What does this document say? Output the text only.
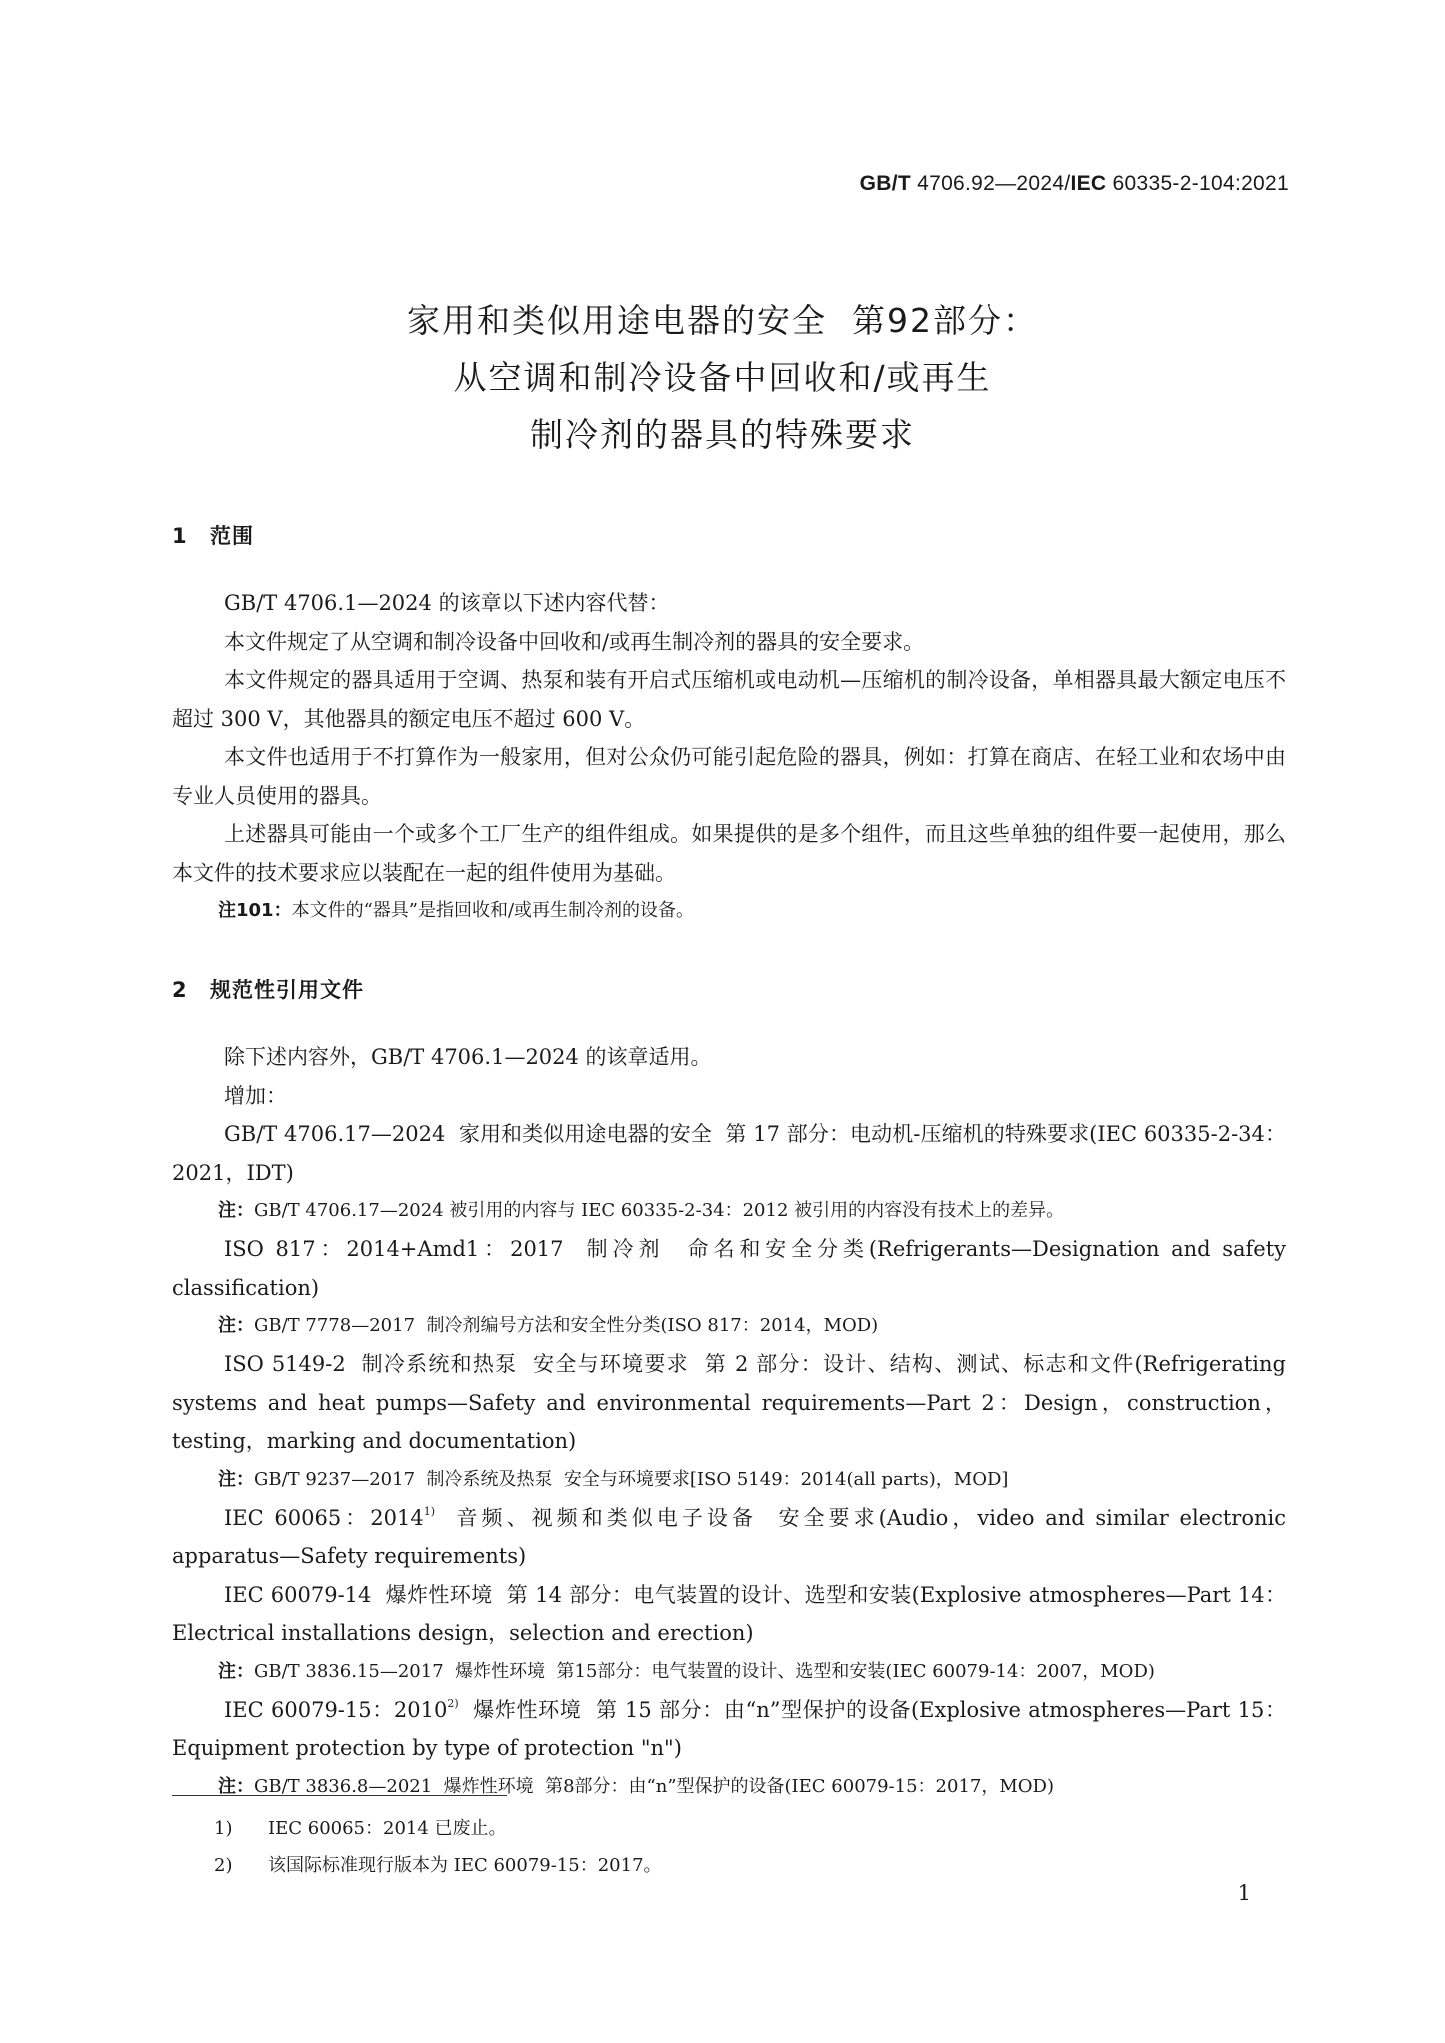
GB/T 4706.92—2024/IEC 60335-2-104:2021
家用和类似用途电器的安全  第92部分：
从空调和制冷设备中回收和/或再生
制冷剂的器具的特殊要求
1 范围

GB/T 4706.1—2024 的该章以下述内容代替：

本文件规定了从空调和制冷设备中回收和/或再生制冷剂的器具的安全要求。

本文件规定的器具适用于空调、热泵和装有开启式压缩机或电动机—压缩机的制冷设备，单相器具最大额定电压不超过 300 V，其他器具的额定电压不超过 600 V。

本文件也适用于不打算作为一般家用，但对公众仍可能引起危险的器具，例如：打算在商店、在轻工业和农场中由专业人员使用的器具。

上述器具可能由一个或多个工厂生产的组件组成。如果提供的是多个组件，而且这些单独的组件要一起使用，那么本文件的技术要求应以装配在一起的组件使用为基础。

注101：本文件的“器具”是指回收和/或再生制冷剂的设备。
2 规范性引用文件

除下述内容外，GB/T 4706.1—2024 的该章适用。

增加：

GB/T 4706.17—2024  家用和类似用途电器的安全  第 17 部分：电动机-压缩机的特殊要求(IEC 60335-2-34：2021，IDT)

注：GB/T 4706.17—2024 被引用的内容与 IEC 60335-2-34：2012 被引用的内容没有技术上的差异。

ISO 817：2014+Amd1：2017  制冷剂  命名和安全分类(Refrigerants—Designation and safety classification)

注：GB/T 7778—2017  制冷剂编号方法和安全性分类(ISO 817：2014，MOD)

ISO 5149-2  制冷系统和热泵  安全与环境要求  第 2 部分：设计、结构、测试、标志和文件(Refrigerating systems and heat pumps—Safety and environmental requirements—Part 2：Design，construction，testing，marking and documentation)

注：GB/T 9237—2017  制冷系统及热泵  安全与环境要求[ISO 5149：2014(all parts)，MOD]

IEC 60065：2014$^{1)}$  音频、视频和类似电子设备  安全要求(Audio，video and similar electronic apparatus—Safety requirements)

IEC 60079-14  爆炸性环境  第 14 部分：电气装置的设计、选型和安装(Explosive atmospheres—Part 14：Electrical installations design，selection and erection)

注：GB/T 3836.15—2017  爆炸性环境  第15部分：电气装置的设计、选型和安装(IEC 60079-14：2007，MOD)

IEC 60079-15：2010$^{2)}$  爆炸性环境  第 15 部分：由“n”型保护的设备(Explosive atmospheres—Part 15：Equipment protection by type of protection "n")

注：GB/T 3836.8—2021  爆炸性环境  第8部分：由“n”型保护的设备(IEC 60079-15：2017，MOD)
1) IEC 60065：2014 已废止。
2) 该国际标准现行版本为 IEC 60079-15：2017。
1
